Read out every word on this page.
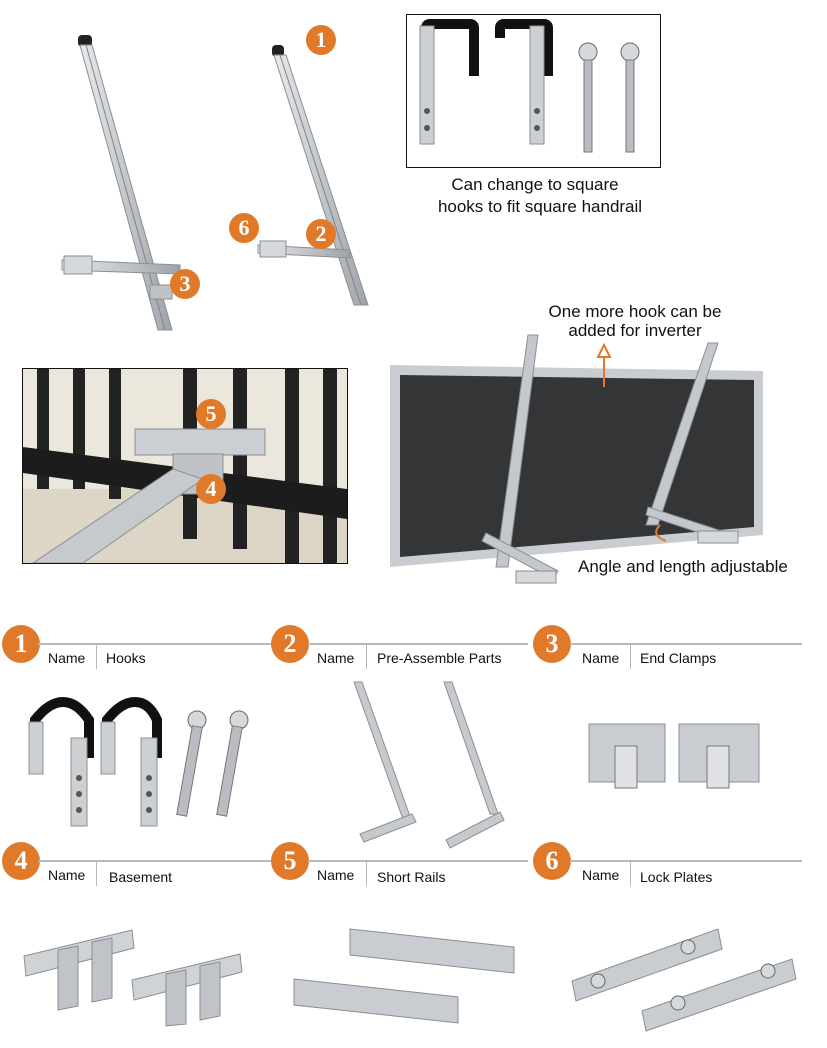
3
1
6	2
Can change to square
hooks to fit square handrail
5
4
One more hook can be
added for inverter
Angle and length adjustable
1	Name Hooks	2	Name Pre-Assemble Parts	3	Name End Clamps
4	Name Basement
5	Name Short Rails
6	Name Lock Plates
